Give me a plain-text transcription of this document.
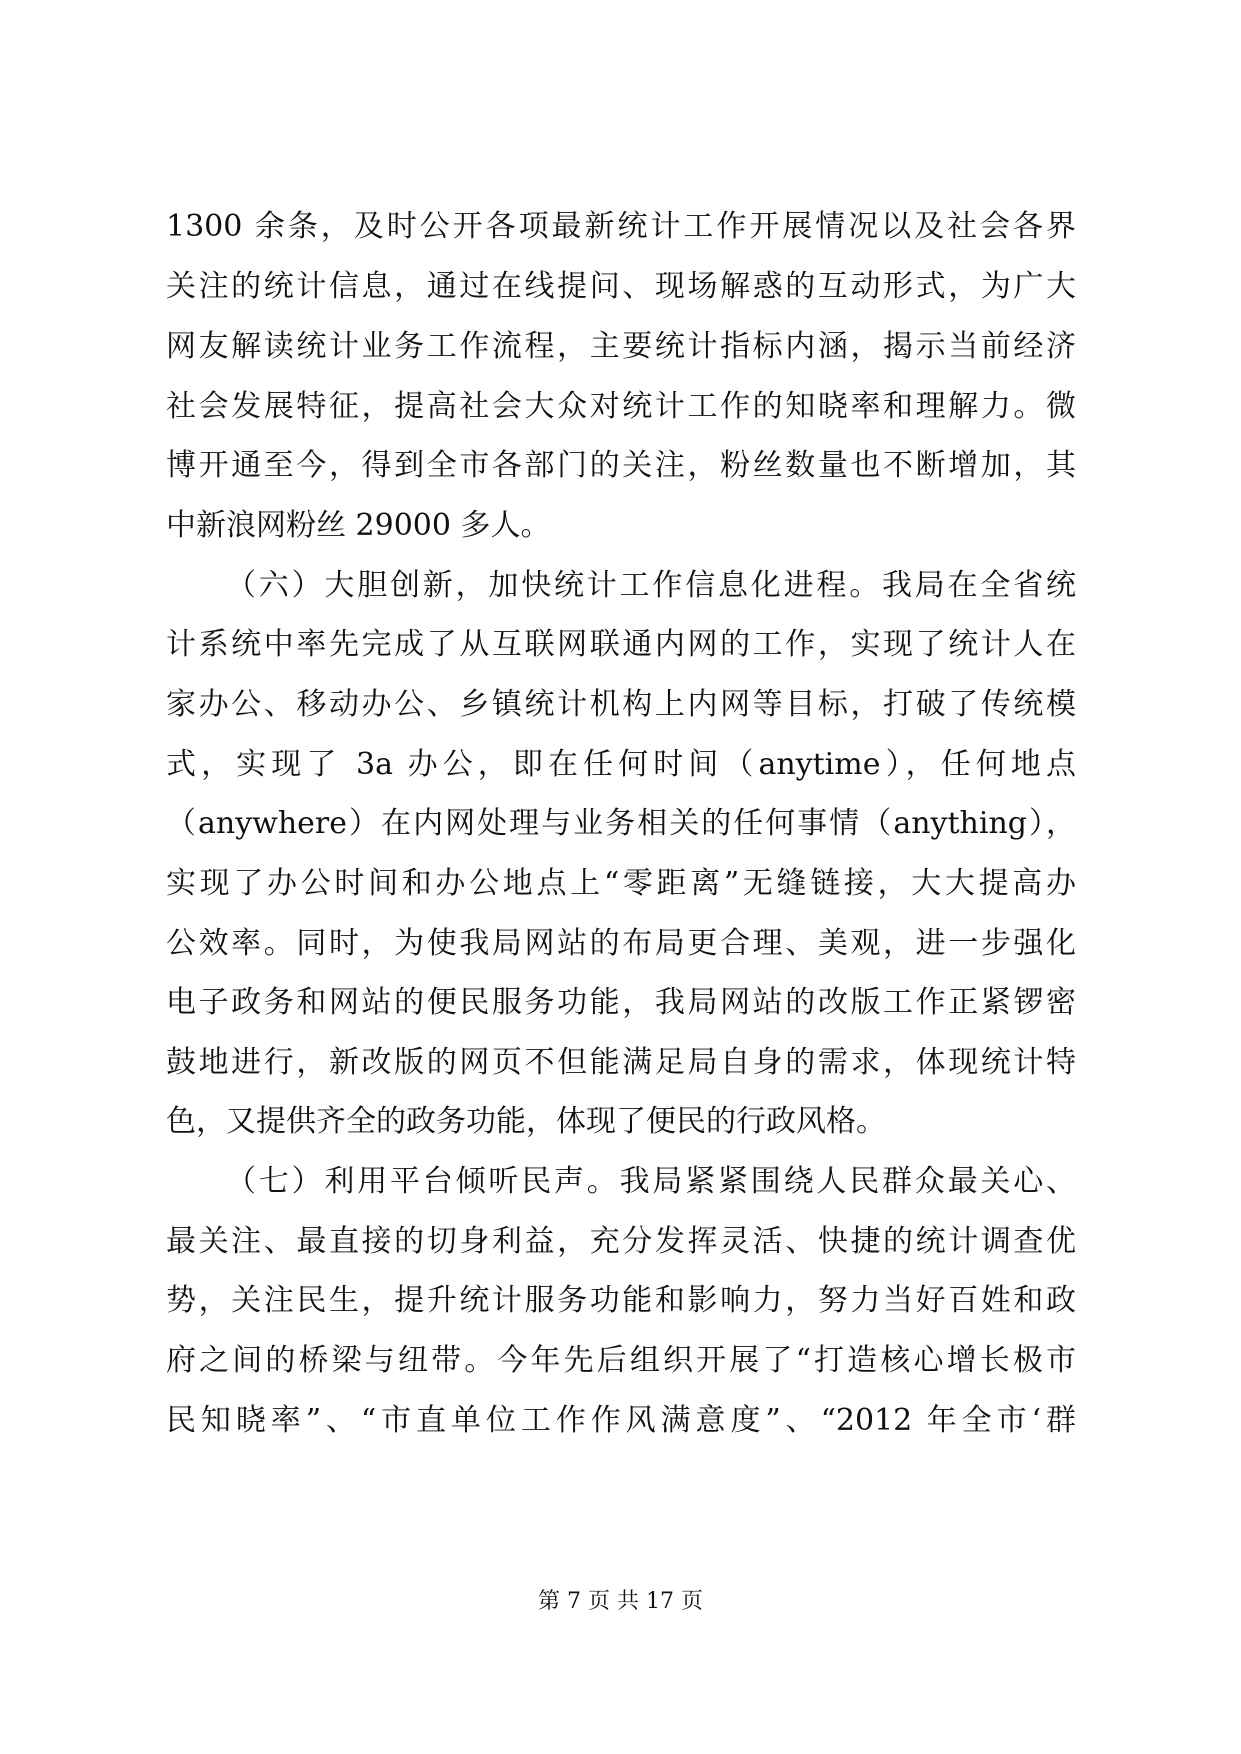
1300 余条，及时公开各项最新统计工作开展情况以及社会各界
关注的统计信息，通过在线提问、现场解惑的互动形式，为广大
网友解读统计业务工作流程，主要统计指标内涵，揭示当前经济
社会发展特征，提高社会大众对统计工作的知晓率和理解力。微
博开通至今，得到全市各部门的关注，粉丝数量也不断增加，其
中新浪网粉丝 29000 多人。
（六）大胆创新，加快统计工作信息化进程。我局在全省统
计系统中率先完成了从互联网联通内网的工作，实现了统计人在
家办公、移动办公、乡镇统计机构上内网等目标，打破了传统模
式，实现了 3a 办公，即在任何时间（anytime），任何地点
（anywhere）在内网处理与业务相关的任何事情（anything），
实现了办公时间和办公地点上“零距离”无缝链接，大大提高办
公效率。同时，为使我局网站的布局更合理、美观，进一步强化
电子政务和网站的便民服务功能，我局网站的改版工作正紧锣密
鼓地进行，新改版的网页不但能满足局自身的需求，体现统计特
色，又提供齐全的政务功能，体现了便民的行政风格。
（七）利用平台倾听民声。我局紧紧围绕人民群众最关心、
最关注、最直接的切身利益，充分发挥灵活、快捷的统计调查优
势，关注民生，提升统计服务功能和影响力，努力当好百姓和政
府之间的桥梁与纽带。今年先后组织开展了“打造核心增长极市
民知晓率”、“市直单位工作作风满意度”、“2012 年全市‘群
第 7 页 共 17 页
